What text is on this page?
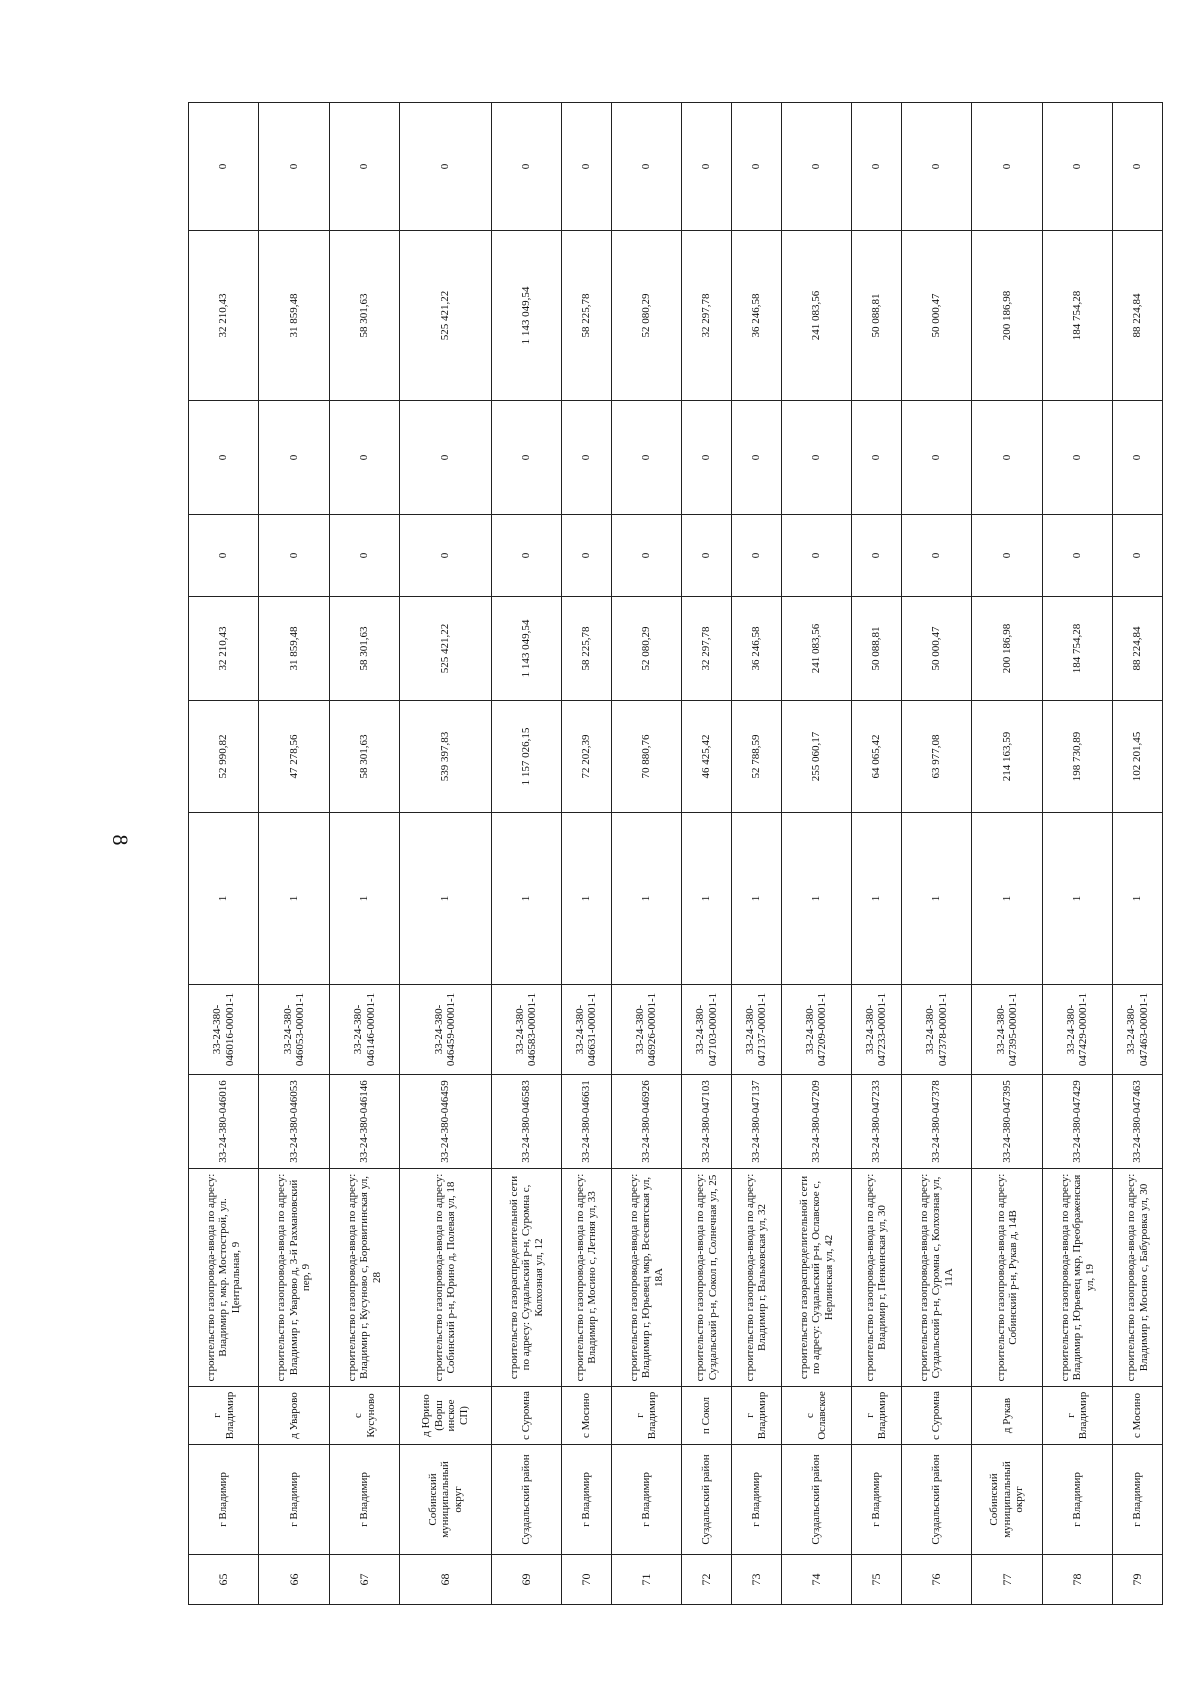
8
65	г Владимир	г Владимир	строительство газопровода-ввода по адресу: Владимир г, мкр. Мостострой, ул. Центральная, 9	33-24-380-046016	33-24-380-046016-00001-1	1	52 990,82	32 210,43	0	0	32 210,43	0
66	г Владимир	д Уварово	строительство газопровода-ввода по адресу: Владимир г, Уварово д, 3-й Рахмановский пер, 9	33-24-380-046053	33-24-380-046053-00001-1	1	47 278,56	31 859,48	0	0	31 859,48	0
67	г Владимир	с Кусуново	строительство газопровода-ввода по адресу: Владимир г, Кусуново с, Боровитинская ул, 28	33-24-380-046146	33-24-380-046146-00001-1	1	58 301,63	58 301,63	0	0	58 301,63	0
68	Собинский муниципальный округ	д Юрино (Ворш инское СП)	строительство газопровода-ввода по адресу: Собинский р-н, Юрино д, Полевая ул, 18	33-24-380-046459	33-24-380-046459-00001-1	1	539 397,83	525 421,22	0	0	525 421,22	0
69	Суздальский район	с Суромна	строительство газораспределительной сети по адресу: Суздальский р-н, Суромна с, Колхозная ул, 12	33-24-380-046583	33-24-380-046583-00001-1	1	1 157 026,15	1 143 049,54	0	0	1 143 049,54	0
70	г Владимир	с Мосино	строительство газопровода-ввода по адресу: Владимир г, Мосино с, Летняя ул, 33	33-24-380-046631	33-24-380-046631-00001-1	1	72 202,39	58 225,78	0	0	58 225,78	0
71	г Владимир	г Владимир	строительство газопровода-ввода по адресу: Владимир г, Юрьевец мкр, Всесвятская ул, 18А	33-24-380-046926	33-24-380-046926-00001-1	1	70 880,76	52 080,29	0	0	52 080,29	0
72	Суздальский район	п Сокол	строительство газопровода-ввода по адресу: Суздальский р-н, Сокол п, Солнечная ул, 25	33-24-380-047103	33-24-380-047103-00001-1	1	46 425,42	32 297,78	0	0	32 297,78	0
73	г Владимир	г Владимир	строительство газопровода-ввода по адресу: Владимир г, Вальковская ул, 32	33-24-380-047137	33-24-380-047137-00001-1	1	52 788,59	36 246,58	0	0	36 246,58	0
74	Суздальский район	с Ославское	строительство газораспределительной сети по адресу: Суздальский р-н, Ославское с, Нерлинская ул, 42	33-24-380-047209	33-24-380-047209-00001-1	1	255 060,17	241 083,56	0	0	241 083,56	0
75	г Владимир	г Владимир	строительство газопровода-ввода по адресу: Владимир г, Пенкинская ул, 30	33-24-380-047233	33-24-380-047233-00001-1	1	64 065,42	50 088,81	0	0	50 088,81	0
76	Суздальский район	с Суромна	строительство газопровода-ввода по адресу: Суздальский р-н, Суромна с, Колхозная ул, 11А	33-24-380-047378	33-24-380-047378-00001-1	1	63 977,08	50 000,47	0	0	50 000,47	0
77	Собинский муниципальный округ	д Рукав	строительство газопровода-ввода по адресу: Собинский р-н, Рукав д, 14В	33-24-380-047395	33-24-380-047395-00001-1	1	214 163,59	200 186,98	0	0	200 186,98	0
78	г Владимир	г Владимир	строительство газопровода-ввода по адресу: Владимир г, Юрьевец мкр, Преображенская ул, 19	33-24-380-047429	33-24-380-047429-00001-1	1	198 730,89	184 754,28	0	0	184 754,28	0
79	г Владимир	с Мосино	строительство газопровода-ввода по адресу: Владимир г, Мосино с, Бабуровка ул, 30	33-24-380-047463	33-24-380-047463-00001-1	1	102 201,45	88 224,84	0	0	88 224,84	0
